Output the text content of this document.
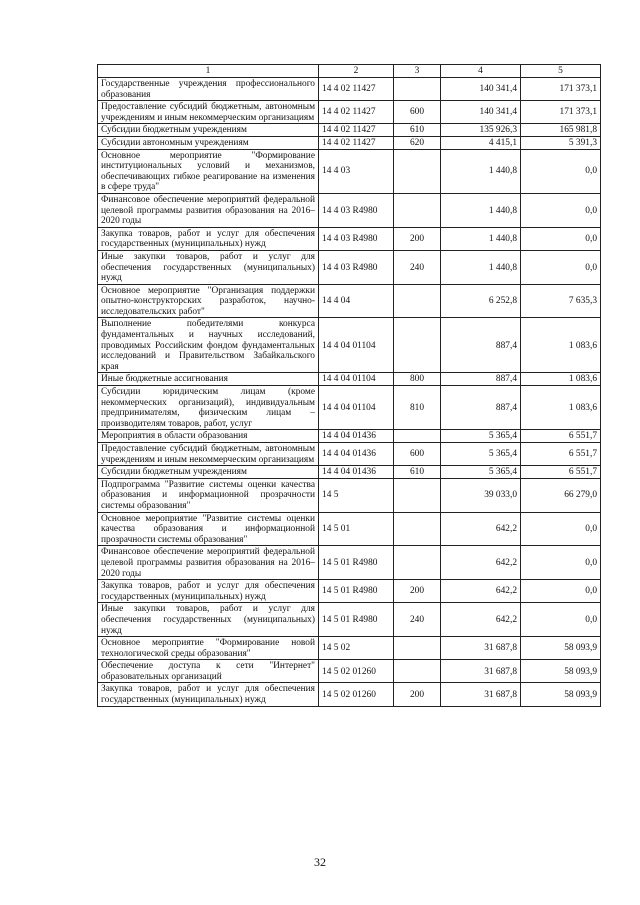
1	2	3	4	5
Государственные учреждения профессионального образования	14 4 02 11427		140 341,4	171 373,1
Предоставление субсидий бюджетным, автономным учреждениям и иным некоммерческим организациям	14 4 02 11427	600	140 341,4	171 373,1
Субсидии бюджетным учреждениям	14 4 02 11427	610	135 926,3	165 981,8
Субсидии автономным учреждениям	14 4 02 11427	620	4 415,1	5 391,3
Основное мероприятие "Формирование институциональных условий и механизмов, обеспечивающих гибкое реагирование на изменения в сфере труда"	14 4 03		1 440,8	0,0
Финансовое обеспечение мероприятий федеральной целевой программы развития образования на 2016–2020 годы	14 4 03 R4980		1 440,8	0,0
Закупка товаров, работ и услуг для обеспечения государственных (муниципальных) нужд	14 4 03 R4980	200	1 440,8	0,0
Иные закупки товаров, работ и услуг для обеспечения государственных (муниципальных) нужд	14 4 03 R4980	240	1 440,8	0,0
Основное мероприятие "Организация поддержки опытно-конструкторских разработок, научно-исследовательских работ"	14 4 04		6 252,8	7 635,3
Выполнение победителями конкурса фундаментальных и научных исследований, проводимых Российским фондом фундаментальных исследований и Правительством Забайкальского края	14 4 04 01104		887,4	1 083,6
Иные бюджетные ассигнования	14 4 04 01104	800	887,4	1 083,6
Субсидии юридическим лицам (кроме некоммерческих организаций), индивидуальным предпринимателям, физическим лицам – производителям товаров, работ, услуг	14 4 04 01104	810	887,4	1 083,6
Мероприятия в области образования	14 4 04 01436		5 365,4	6 551,7
Предоставление субсидий бюджетным, автономным учреждениям и иным некоммерческим организациям	14 4 04 01436	600	5 365,4	6 551,7
Субсидии бюджетным учреждениям	14 4 04 01436	610	5 365,4	6 551,7
Подпрограмма "Развитие системы оценки качества образования и информационной прозрачности системы образования"	14 5		39 033,0	66 279,0
Основное мероприятие "Развитие системы оценки качества образования и информационной прозрачности системы образования"	14 5 01		642,2	0,0
Финансовое обеспечение мероприятий федеральной целевой программы развития образования на 2016–2020 годы	14 5 01 R4980		642,2	0,0
Закупка товаров, работ и услуг для обеспечения государственных (муниципальных) нужд	14 5 01 R4980	200	642,2	0,0
Иные закупки товаров, работ и услуг для обеспечения государственных (муниципальных) нужд	14 5 01 R4980	240	642,2	0,0
Основное мероприятие "Формирование новой технологической среды образования"	14 5 02		31 687,8	58 093,9
Обеспечение доступа к сети "Интернет" образовательных организаций	14 5 02 01260		31 687,8	58 093,9
Закупка товаров, работ и услуг для обеспечения государственных (муниципальных) нужд	14 5 02 01260	200	31 687,8	58 093,9
32
